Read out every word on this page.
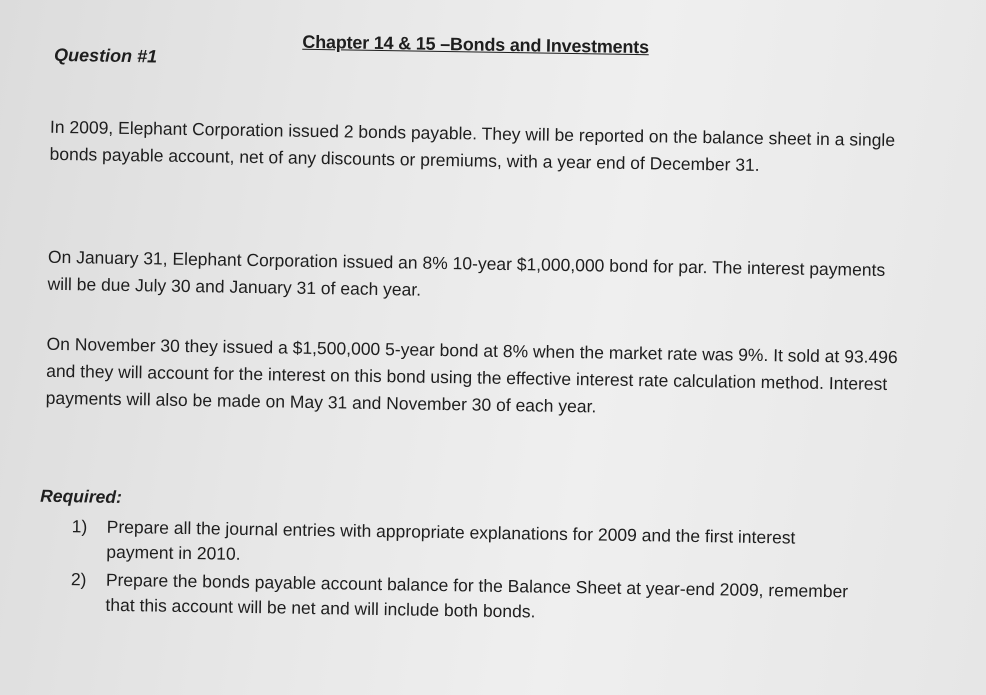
Chapter 14 & 15 –Bonds and Investments
Question #1

In 2009, Elephant Corporation issued 2 bonds payable. They will be reported on the balance sheet in a single bonds payable account, net of any discounts or premiums, with a year end of December 31.

On January 31, Elephant Corporation issued an 8% 10-year $1,000,000 bond for par. The interest payments will be due July 30 and January 31 of each year.

On November 30 they issued a $1,500,000 5-year bond at 8% when the market rate was 9%. It sold at 93.496 and they will account for the interest on this bond using the effective interest rate calculation method. Interest payments will also be made on May 31 and November 30 of each year.

Required:
1) Prepare all the journal entries with appropriate explanations for 2009 and the first interest payment in 2010.
2) Prepare the bonds payable account balance for the Balance Sheet at year-end 2009, remember that this account will be net and will include both bonds.
